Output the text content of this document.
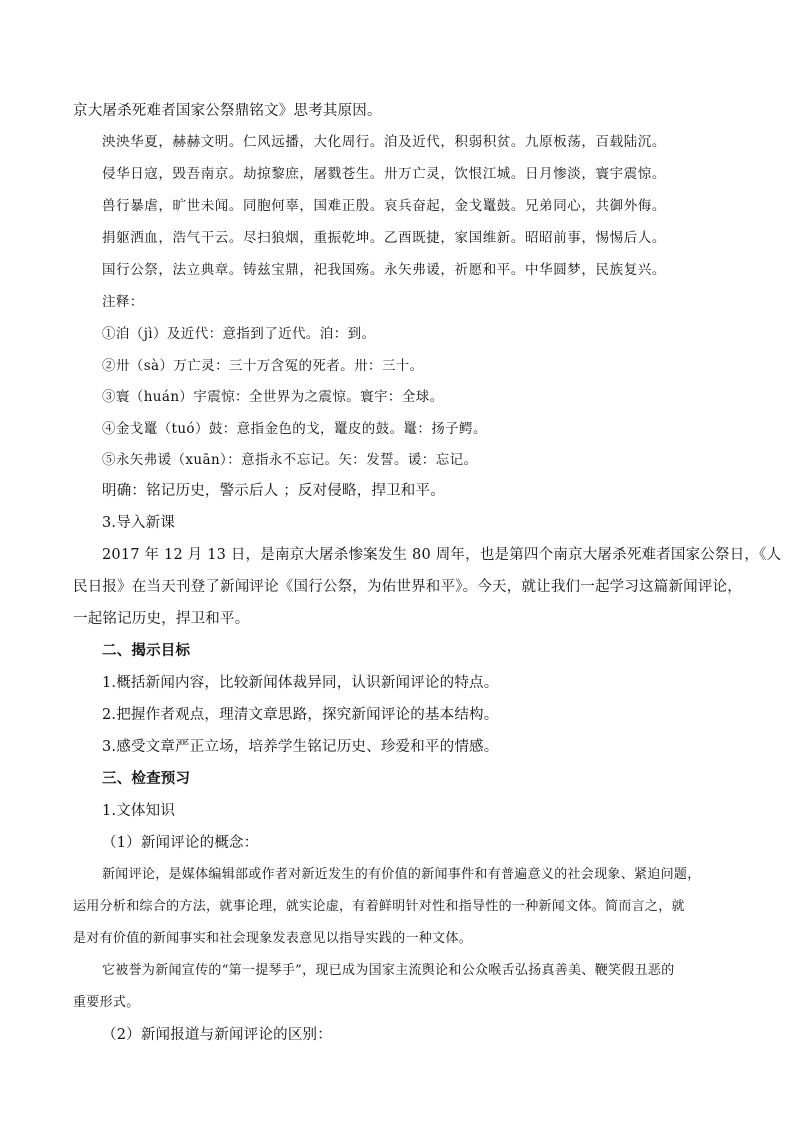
京大屠杀死难者国家公祭鼎铭文》思考其原因。
泱泱华夏，赫赫文明。仁风远播，大化周行。洎及近代，积弱积贫。九原板荡，百载陆沉。
侵华日寇，毁吾南京。劫掠黎庶，屠戮苍生。卅万亡灵，饮恨江城。日月惨淡，寰宇震惊。
兽行暴虐，旷世未闻。同胞何辜，国难正殷。哀兵奋起，金戈鼍鼓。兄弟同心，共御外侮。
捐躯洒血，浩气干云。尽扫狼烟，重振乾坤。乙酉既捷，家国维新。昭昭前事，惕惕后人。
国行公祭，法立典章。铸兹宝鼎，祀我国殇。永矢弗谖，祈愿和平。中华圆梦，民族复兴。
注释：
①洎（jì）及近代：意指到了近代。洎：到。
②卅（sà）万亡灵：三十万含冤的死者。卅：三十。
③寰（huán）宇震惊：全世界为之震惊。寰宇：全球。
④金戈鼍（tuó）鼓：意指金色的戈，鼍皮的鼓。鼍：扬子鳄。
⑤永矢弗谖（xuān）：意指永不忘记。矢：发誓。谖：忘记。
明确：铭记历史，警示后人 ；反对侵略，捍卫和平。
3.导入新课
2017 年 12 月 13 日，是南京大屠杀惨案发生 80 周年，也是第四个南京大屠杀死难者国家公祭日，《人
民日报》在当天刊登了新闻评论《国行公祭，为佑世界和平》。今天，就让我们一起学习这篇新闻评论，
一起铭记历史，捍卫和平。
二、揭示目标
1.概括新闻内容，比较新闻体裁异同，认识新闻评论的特点。
2.把握作者观点，理清文章思路，探究新闻评论的基本结构。
3.感受文章严正立场，培养学生铭记历史、珍爱和平的情感。
三、检查预习
1.文体知识
（1）新闻评论的概念：
新闻评论，是媒体编辑部或作者对新近发生的有价值的新闻事件和有普遍意义的社会现象、紧迫问题，
运用分析和综合的方法，就事论理，就实论虚，有着鲜明针对性和指导性的一种新闻文体。简而言之，就
是对有价值的新闻事实和社会现象发表意见以指导实践的一种文体。
它被誉为新闻宣传的“第一提琴手”，现已成为国家主流舆论和公众喉舌弘扬真善美、鞭笑假丑恶的
重要形式。
（2）新闻报道与新闻评论的区别：
